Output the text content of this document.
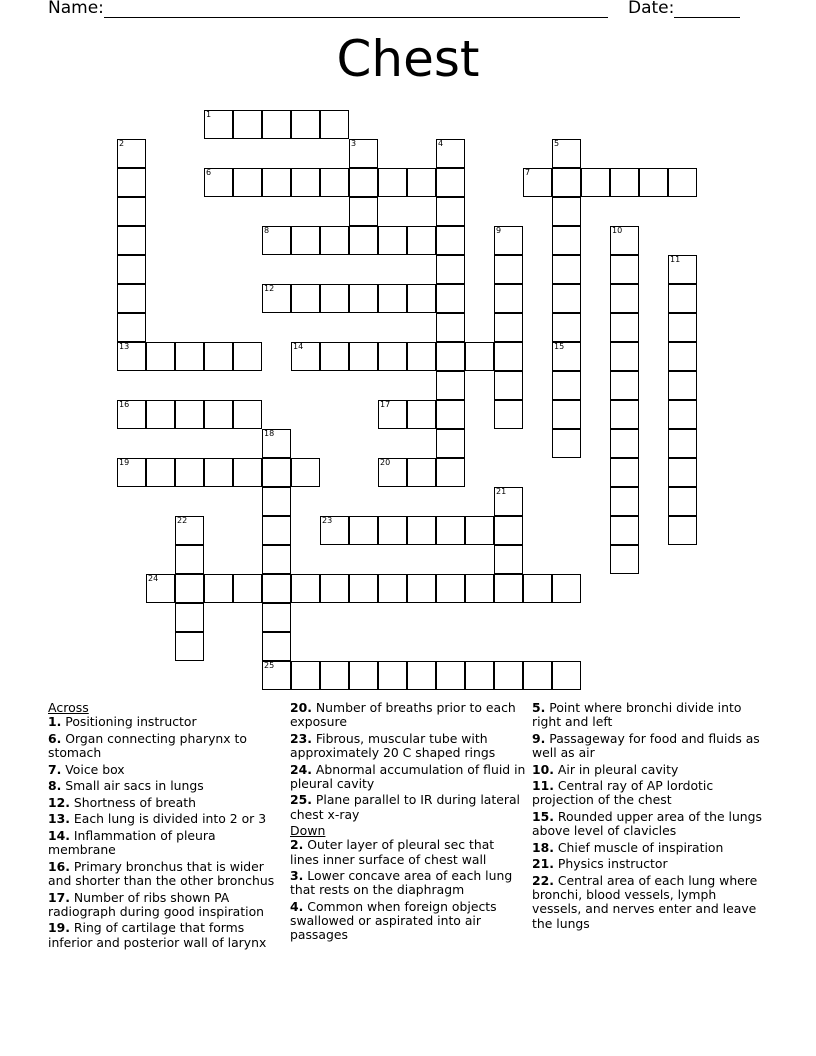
Name:	Date:
Chest
1
2
13
3	4	5
15
6	7
8	9	10
11
12
14
16	17
18
19	20
21
22	23
24
25
Across
1. Positioning instructor
6. Organ connecting pharynx to stomach
7. Voice box
8. Small air sacs in lungs
12. Shortness of breath
13. Each lung is divided into 2 or 3
14. Inflammation of pleura membrane
16. Primary bronchus that is wider and shorter than the other bronchus
17. Number of ribs shown PA radiograph during good inspiration
19. Ring of cartilage that forms inferior and posterior wall of larynx
20. Number of breaths prior to each exposure
23. Fibrous, muscular tube with approximately 20 C shaped rings
24. Abnormal accumulation of fluid in pleural cavity
25. Plane parallel to IR during lateral chest x-ray
Down
2. Outer layer of pleural sec that lines inner surface of chest wall
3. Lower concave area of each lung that rests on the diaphragm
4. Common when foreign objects swallowed or aspirated into air passages
5. Point where bronchi divide into right and left
9. Passageway for food and fluids as well as air
10. Air in pleural cavity
11. Central ray of AP lordotic projection of the chest
15. Rounded upper area of the lungs above level of clavicles
18. Chief muscle of inspiration
21. Physics instructor
22. Central area of each lung where bronchi, blood vessels, lymph vessels, and nerves enter and leave the lungs
